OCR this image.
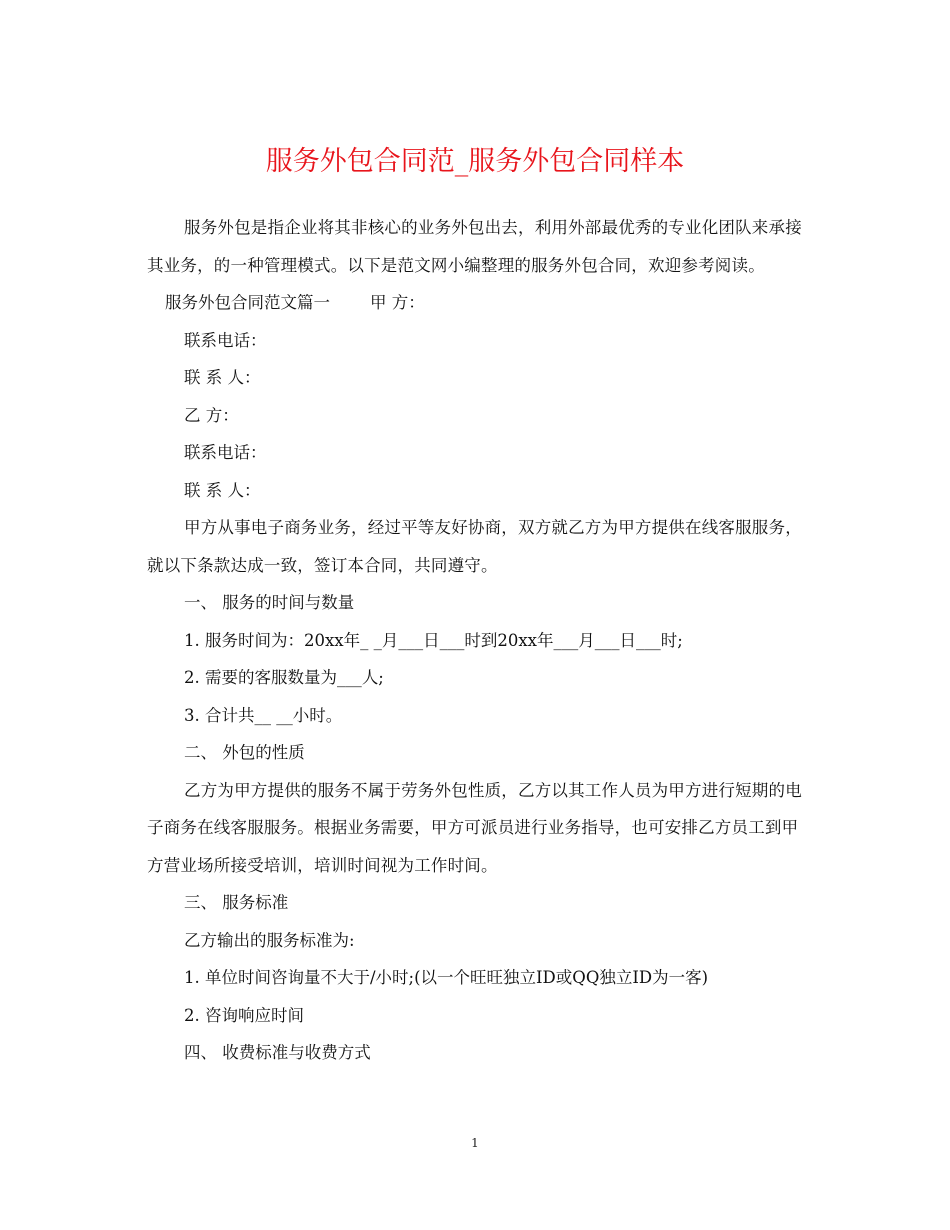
服务外包合同范_服务外包合同样本

服务外包是指企业将其非核心的业务外包出去，利用外部最优秀的专业化团队来承接其业务，的一种管理模式。以下是范文网小编整理的服务外包合同，欢迎参考阅读。

服务外包合同范文篇一 甲 方：

联系电话：

联 系 人：

乙 方：

联系电话：

联 系 人：

甲方从事电子商务业务，经过平等友好协商，双方就乙方为甲方提供在线客服服务，就以下条款达成一致，签订本合同，共同遵守。

一、 服务的时间与数量

1. 服务时间为：20xx年_ _月___日___时到20xx年___月___日___时;

2. 需要的客服数量为___人;

3. 合计共__ __小时。

二、 外包的性质

乙方为甲方提供的服务不属于劳务外包性质，乙方以其工作人员为甲方进行短期的电子商务在线客服服务。根据业务需要，甲方可派员进行业务指导，也可安排乙方员工到甲方营业场所接受培训，培训时间视为工作时间。

三、 服务标准

乙方输出的服务标准为:

1. 单位时间咨询量不大于/小时;(以一个旺旺独立ID或QQ独立ID为一客)

2. 咨询响应时间

四、 收费标准与收费方式

1
